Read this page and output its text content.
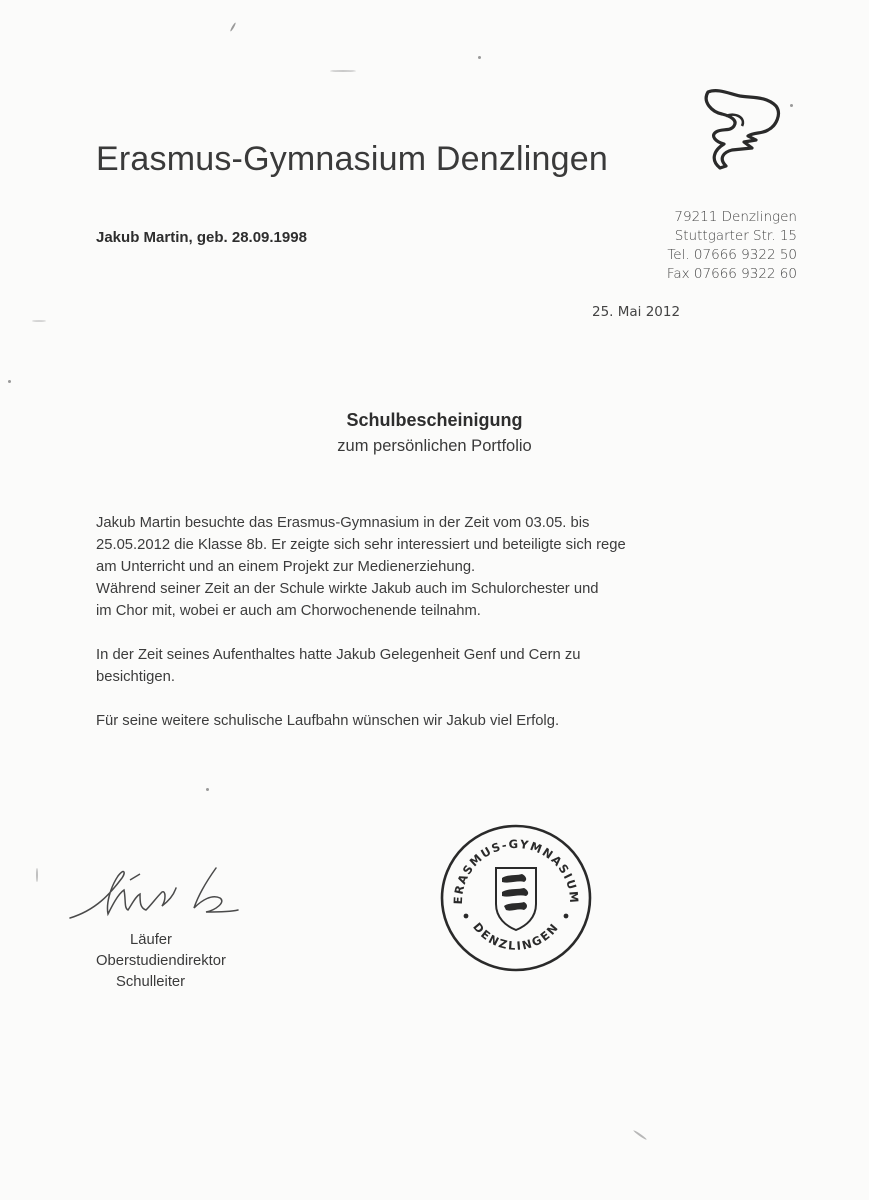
Erasmus-Gymnasium Denzlingen
Jakub Martin, geb. 28.09.1998
79211 Denzlingen
Stuttgarter Str. 15
Tel. 07666 9322 50
Fax 07666 9322 60
25. Mai 2012
Schulbescheinigung
zum persönlichen Portfolio

Jakub Martin besuchte das Erasmus-Gymnasium in der Zeit vom 03.05. bis
25.05.2012 die Klasse 8b. Er zeigte sich sehr interessiert und beteiligte sich rege
am Unterricht und an einem Projekt zur Medienerziehung.
Während seiner Zeit an der Schule wirkte Jakub auch im Schulorchester und
im Chor mit, wobei er auch am Chorwochenende teilnahm.

In der Zeit seines Aufenthaltes hatte Jakub Gelegenheit Genf und Cern zu
besichtigen.

Für seine weitere schulische Laufbahn wünschen wir Jakub viel Erfolg.

Läufer
Oberstudiendirektor
Schulleiter
ERASMUS-GYMNASIUM
DENZLINGEN
